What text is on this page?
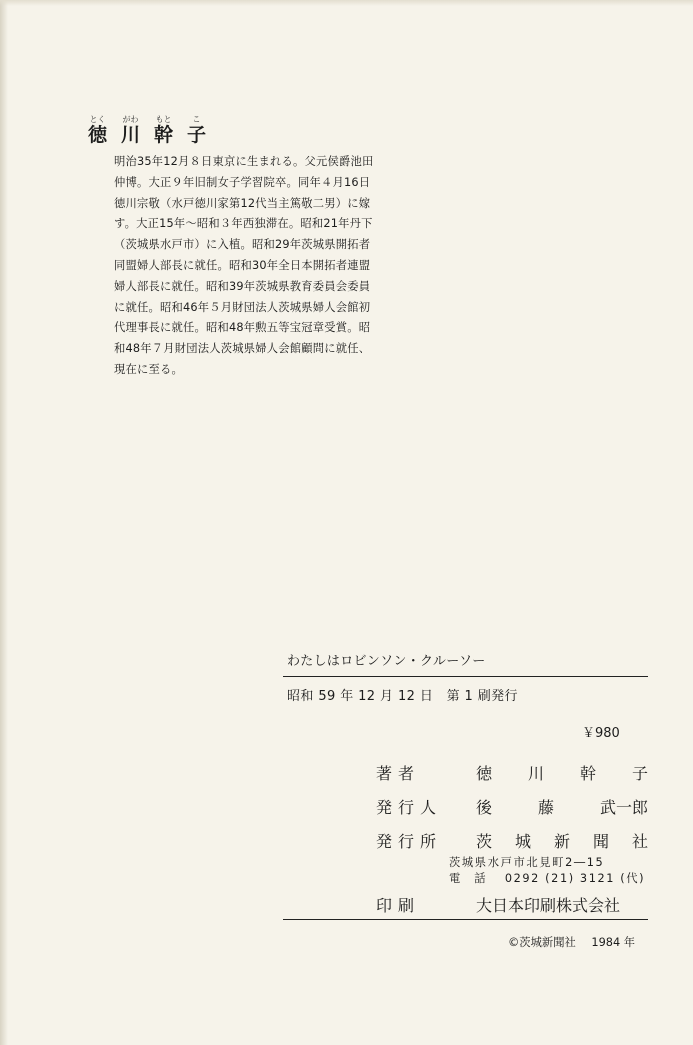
とく
徳
がわ
川
もと
幹
こ
子
明治35年12月８日東京に生まれる。父元侯爵池田
仲博。大正９年旧制女子学習院卒。同年４月16日
徳川宗敬（水戸徳川家第12代当主篤敬二男）に嫁
す。大正15年～昭和３年西独滞在。昭和21年丹下
（茨城県水戸市）に入植。昭和29年茨城県開拓者
同盟婦人部長に就任。昭和30年全日本開拓者連盟
婦人部長に就任。昭和39年茨城県教育委員会委員
に就任。昭和46年５月財団法人茨城県婦人会館初
代理事長に就任。昭和48年勲五等宝冠章受賞。昭
和48年７月財団法人茨城県婦人会館顧問に就任、
現在に至る。
わたしはロビンソン・クルーソー
昭和 59 年 12 月 12 日　第 1 刷発行
￥980
著者	徳 川 幹 子
発行人	後	藤	武一郎
発行所	茨 城 新 聞 社
茨城県水戸市北見町2―15
電話 0292 (21) 3121 (代)
印刷	大日本印刷株式会社
©茨城新聞社 1984 年
